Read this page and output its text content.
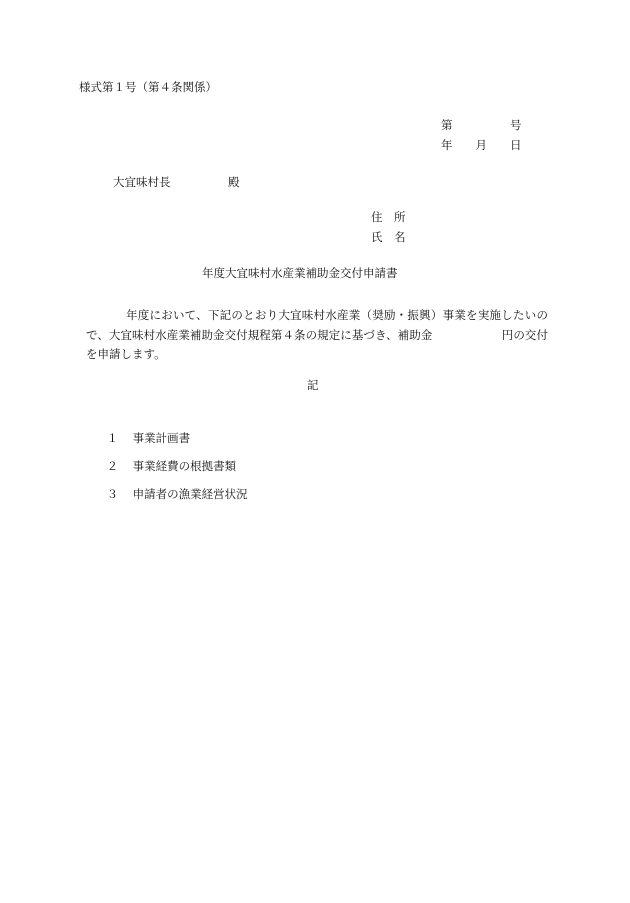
様式第１号（第４条関係）
第　　　　　号
年　　月　　日
大宜味村長　　　　　殿
住　所
氏　名
年度大宜味村水産業補助金交付申請書
年度において、下記のとおり大宜味村水産業（奨励・振興）事業を実施したいので、大宜味村水産業補助金交付規程第４条の規定に基づき、補助金　　　　　　円の交付を申請します。
記

１ 事業計画書

２ 事業経費の根拠書類

３ 申請者の漁業経営状況
